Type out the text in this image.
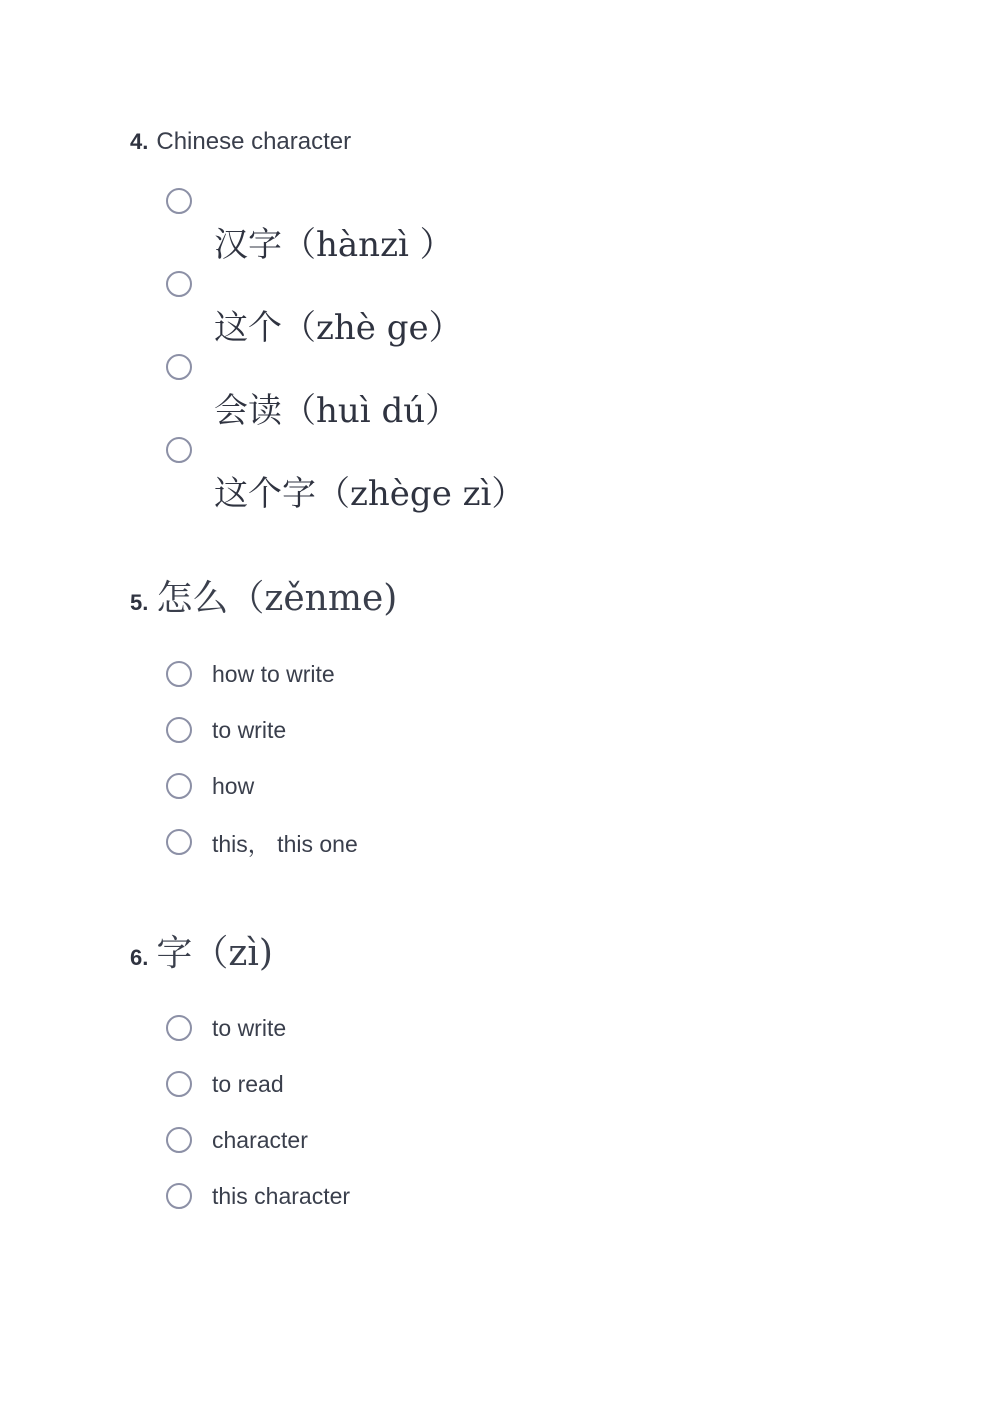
4. Chinese character
汉字（hànzì ）
这个（zhè ge）
会读（huì dú）
这个字（zhège zì）
5. 怎么（zěnme)
how to write
to write
how
this， this one
6. 字（zì)
to write
to read
character
this character
